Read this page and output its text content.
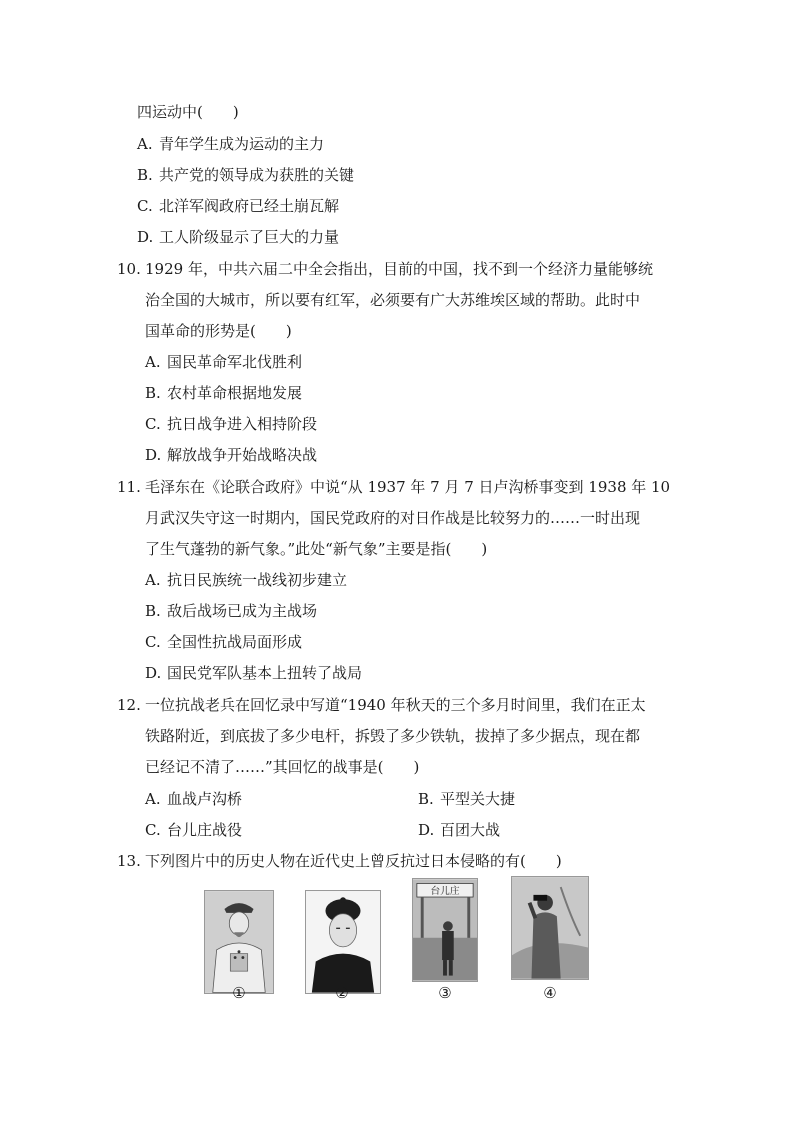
四运动中(　　)
A. 青年学生成为运动的主力
B. 共产党的领导成为获胜的关键
C. 北洋军阀政府已经土崩瓦解
D. 工人阶级显示了巨大的力量
10. 1929 年，中共六届二中全会指出，目前的中国，找不到一个经济力量能够统
治全国的大城市，所以要有红军，必须要有广大苏维埃区域的帮助。此时中
国革命的形势是(　　)
A. 国民革命军北伐胜利
B. 农村革命根据地发展
C. 抗日战争进入相持阶段
D. 解放战争开始战略决战
11. 毛泽东在《论联合政府》中说“从 1937 年 7 月 7 日卢沟桥事变到 1938 年 10
月武汉失守这一时期内，国民党政府的对日作战是比较努力的……一时出现
了生气蓬勃的新气象。”此处“新气象”主要是指(　　)
A. 抗日民族统一战线初步建立
B. 敌后战场已成为主战场
C. 全国性抗战局面形成
D. 国民党军队基本上扭转了战局
12. 一位抗战老兵在回忆录中写道“1940 年秋天的三个多月时间里，我们在正太
铁路附近，到底拔了多少电杆，拆毁了多少铁轨，拔掉了多少据点，现在都
已经记不清了……”其回忆的战事是(　　)
A. 血战卢沟桥	B. 平型关大捷
C. 台儿庄战役	D. 百团大战
13. 下列图片中的历史人物在近代史上曾反抗过日本侵略的有(　　)
①	②
台儿庄
③	④
